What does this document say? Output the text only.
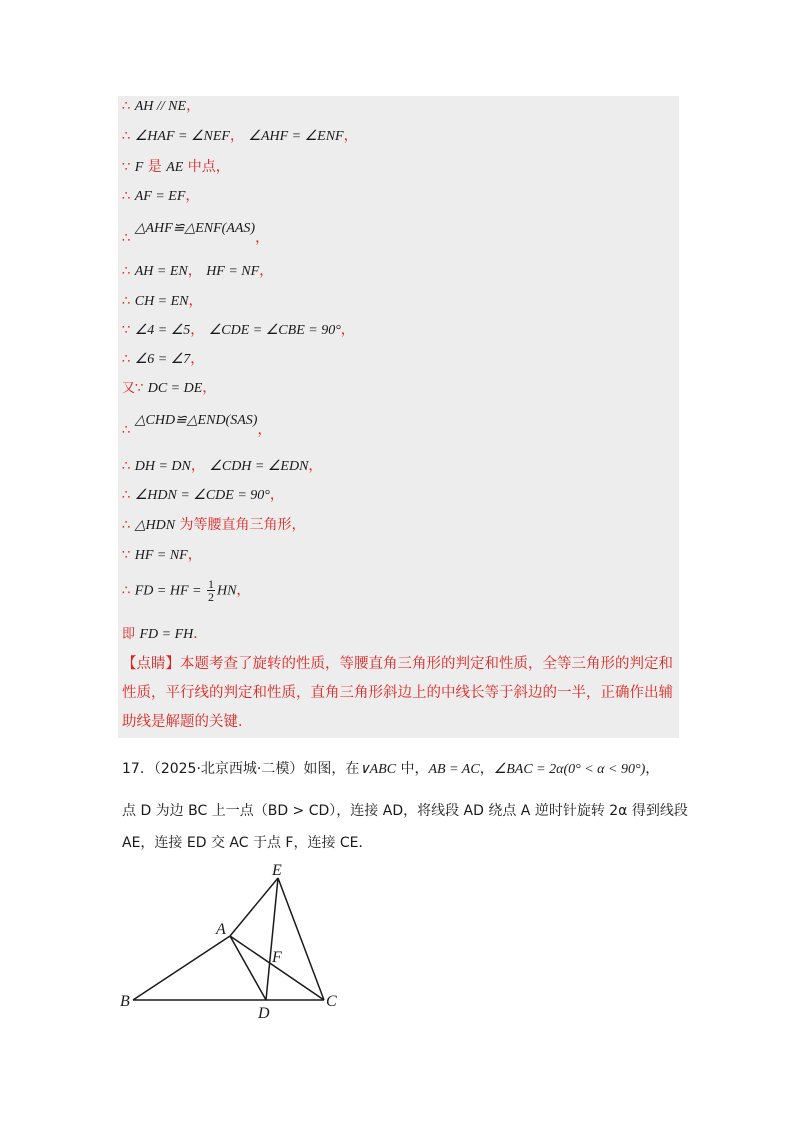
∴ AH // NE，
∴ ∠HAF = ∠NEF， ∠AHF = ∠ENF，
∵ F 是 AE 中点，
∴ AF = EF，
∴ △AHF≌△ENF(AAS)，
∴ AH = EN， HF = NF，
∴ CH = EN，
∵ ∠4 = ∠5， ∠CDE = ∠CBE = 90°，
∴ ∠6 = ∠7，
又∵ DC = DE，
∴ △CHD≌△END(SAS)，
∴ DH = DN， ∠CDH = ∠EDN，
∴ ∠HDN = ∠CDE = 90°，
∴ △HDN 为等腰直角三角形，
∵ HF = NF，
∴ FD = HF = $\frac{1}{2}$ HN，
即 FD = FH．
【点睛】本题考查了旋转的性质，等腰直角三角形的判定和性质，全等三角形的判定和性质，平行线的判定和性质，直角三角形斜边上的中线长等于斜边的一半，正确作出辅助线是解题的关键．
17．（2025·北京西城·二模）如图，在∨ABC 中，AB = AC，∠BAC = 2α(0° < α < 90°)，
点 D 为边 BC 上一点（BD > CD），连接 AD，将线段 AD 绕点 A 逆时针旋转 2α 得到线段
AE，连接 ED 交 AC 于点 F，连接 CE．
E
A
F
B
D
C
